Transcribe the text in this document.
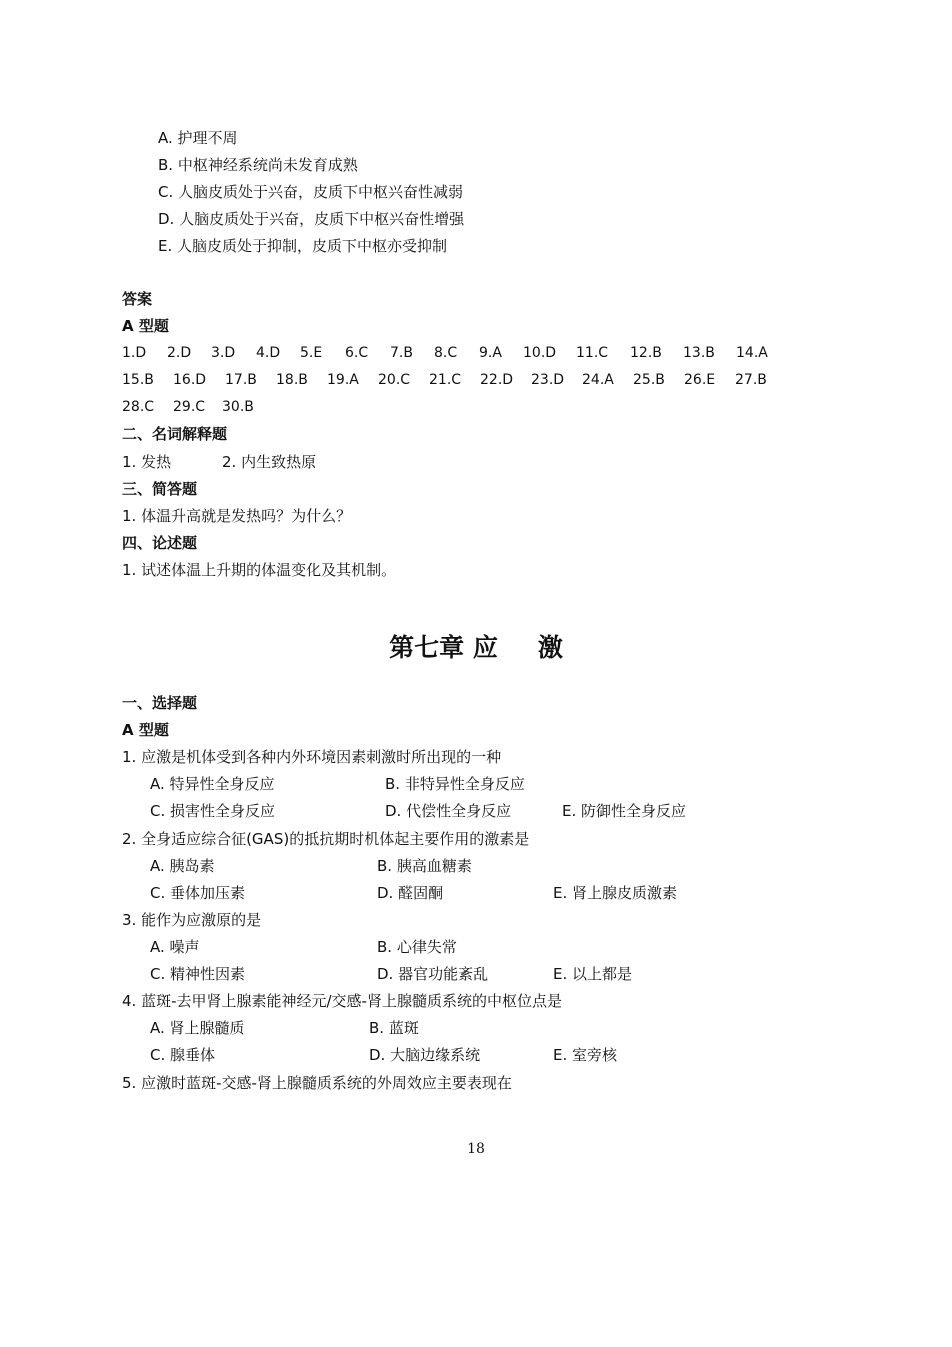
A. 护理不周
B. 中枢神经系统尚未发育成熟
C. 人脑皮质处于兴奋，皮质下中枢兴奋性减弱
D. 人脑皮质处于兴奋，皮质下中枢兴奋性增强
E. 人脑皮质处于抑制，皮质下中枢亦受抑制
答案
A 型题
1.D 2.D 3.D 4.D 5.E 6.C 7.B 8.C 9.A 10.D 11.C 12.B 13.B 14.A
15.B 16.D 17.B 18.B 19.A 20.C 21.C 22.D 23.D 24.A 25.B 26.E 27.B
28.C 29.C 30.B
二、名词解释题
1. 发热	2. 内生致热原
三、简答题
1. 体温升高就是发热吗？为什么？
四、论述题
1. 试述体温上升期的体温变化及其机制。
第七章 应 激
一、选择题
A 型题
1. 应激是机体受到各种内外环境因素刺激时所出现的一种
A. 特异性全身反应	B. 非特异性全身反应
C. 损害性全身反应	D. 代偿性全身反应	E. 防御性全身反应
2. 全身适应综合征(GAS)的抵抗期时机体起主要作用的激素是
A. 胰岛素	B. 胰高血糖素
C. 垂体加压素	D. 醛固酮	E. 肾上腺皮质激素
3. 能作为应激原的是
A. 噪声	B. 心律失常
C. 精神性因素	D. 器官功能紊乱	E. 以上都是
4. 蓝斑-去甲肾上腺素能神经元/交感-肾上腺髓质系统的中枢位点是
A. 肾上腺髓质	B. 蓝斑
C. 腺垂体	D. 大脑边缘系统	E. 室旁核
5. 应激时蓝斑-交感-肾上腺髓质系统的外周效应主要表现在
18
